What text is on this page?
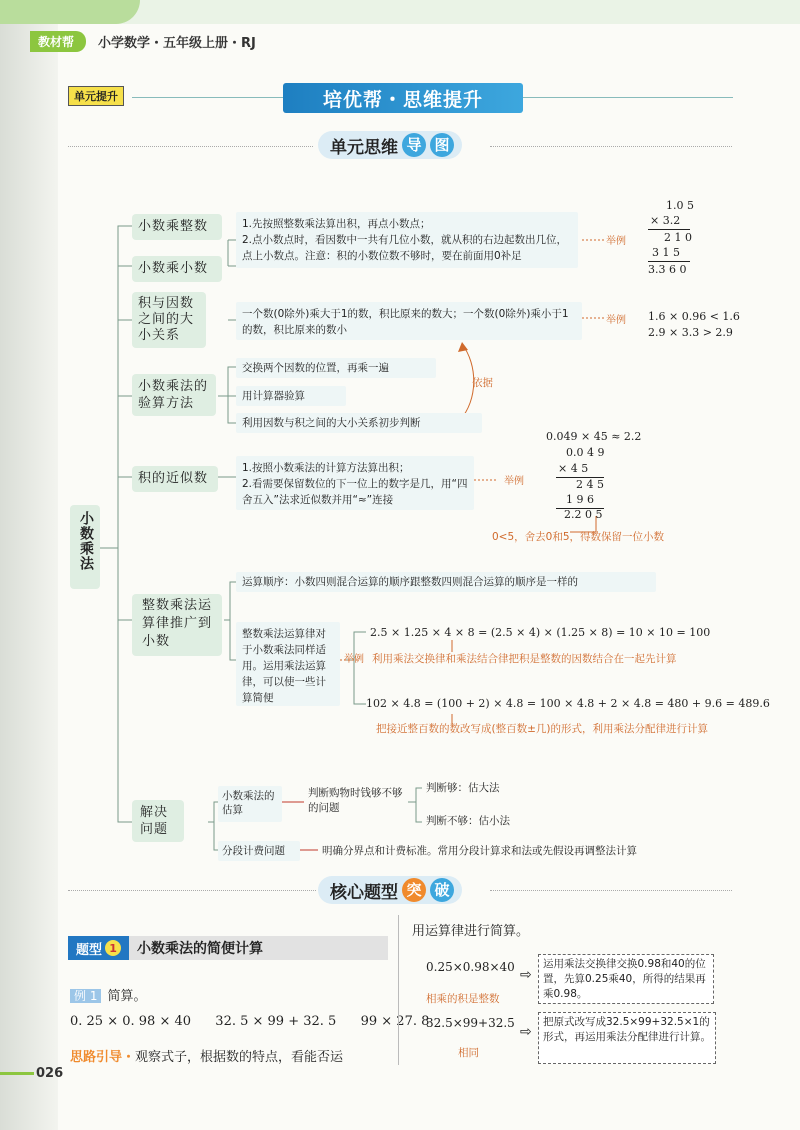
教材帮	小学数学・五年级上册・RJ
单元提升	培优帮・思维提升
单元思维 导 图
小数乘法
小数乘整数
小数乘小数
积与因数之间的大小关系
小数乘法的验算方法
积的近似数
整数乘法运算律推广到小数
解决问题
1.先按照整数乘法算出积，再点小数点；
2.点小数点时，看因数中一共有几位小数，就从积的右边起数出几位，点上小数点。注意：积的小数位数不够时，要在前面用0补足
举例
1.0 5
× 3.2
2 1 0
3 1 5
3.3 6 0
一个数(0除外)乘大于1的数，积比原来的数大；一个数(0除外)乘小于1的数，积比原来的数小
举例 1.6 × 0.96 < 1.6
2.9 × 3.3 > 2.9
交换两个因数的位置，再乘一遍
用计算器验算
利用因数与积之间的大小关系初步判断
依据
1.按照小数乘法的计算方法算出积；
2.看需要保留数位的下一位上的数字是几，用“四舍五入”法求近似数并用“≈”连接
举例
0.049 × 45 ≈ 2.2
0.0 4 9
× 4 5
2 4 5
1 9 6
2.2 0 5
0<5，舍去0和5，得数保留一位小数
运算顺序：小数四则混合运算的顺序跟整数四则混合运算的顺序是一样的
整数乘法运算律对于小数乘法同样适用。运用乘法运算律，可以使一些计算简便
举例
2.5 × 1.25 × 4 × 8 = (2.5 × 4) × (1.25 × 8) = 10 × 10 = 100
利用乘法交换律和乘法结合律把积是整数的因数结合在一起先计算
102 × 4.8 = (100 + 2) × 4.8 = 100 × 4.8 + 2 × 4.8 = 480 + 9.6 = 489.6
把接近整百数的数改写成(整百数±几)的形式，利用乘法分配律进行计算
小数乘法的估算
判断购物时钱够不够的问题
判断够：估大法
判断不够：估小法
分段计费问题	明确分界点和计费标准。常用分段计算求和法或先假设再调整法计算
核心题型 突 破
题型 1 小数乘法的简便计算
例 1 简算。
0. 25 × 0. 98 × 40 32. 5 × 99 + 32. 5 99 × 27. 8
思路引导・观察式子，根据数的特点，看能否运
用运算律进行简算。
0.25×0.98×40
相乘的积是整数
⇨
运用乘法交换律交换0.98和40的位置，先算0.25乘40，所得的结果再乘0.98。
32.5×99+32.5
相同
⇨
把原式改写成32.5×99+32.5×1的形式，再运用乘法分配律进行计算。
026
